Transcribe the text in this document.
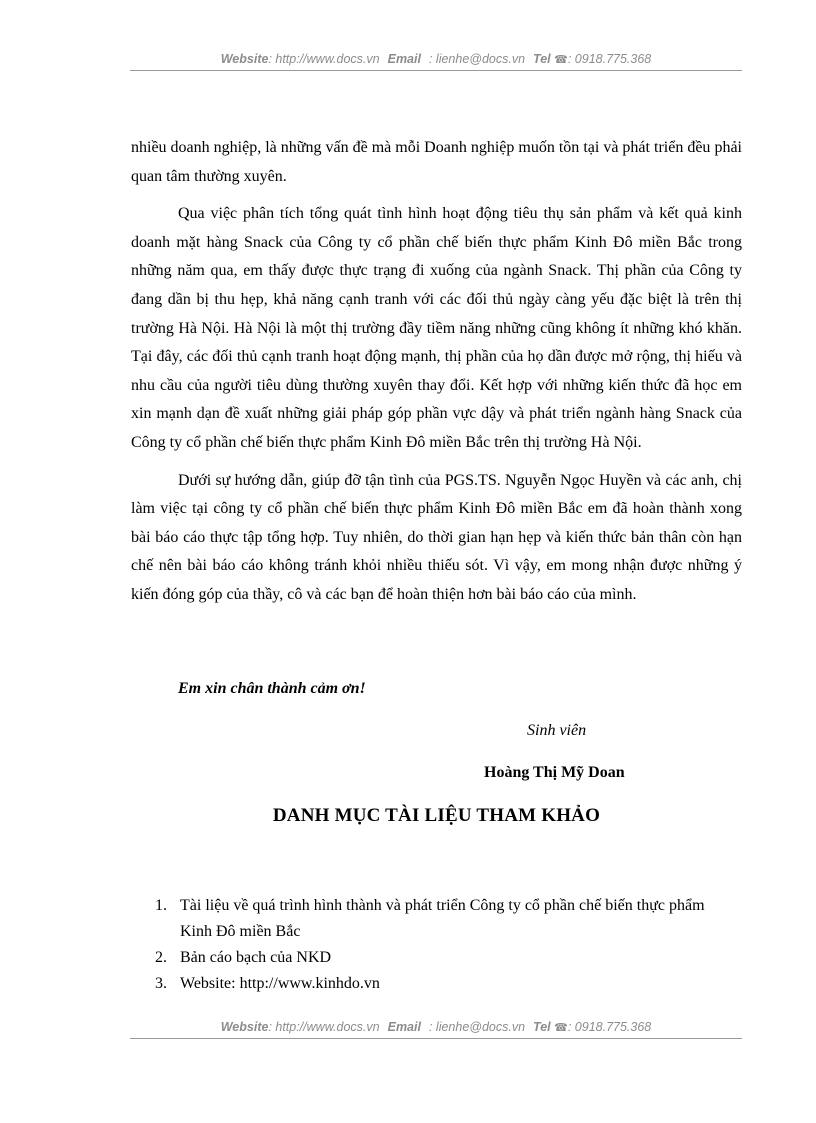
Website: http://www.docs.vn Email : lienhe@docs.vn Tel ☎: 0918.775.368

nhiều doanh nghiệp, là những vấn đề mà mỗi Doanh nghiệp muốn tồn tại và phát triển đều phải quan tâm thường xuyên.

Qua việc phân tích tổng quát tình hình hoạt động tiêu thụ sản phẩm và kết quả kinh doanh mặt hàng Snack của Công ty cổ phần chế biến thực phẩm Kinh Đô miền Bắc trong những năm qua, em thấy được thực trạng đi xuống của ngành Snack. Thị phần của Công ty đang dần bị thu hẹp, khả năng cạnh tranh với các đối thủ ngày càng yếu đặc biệt là trên thị trường Hà Nội. Hà Nội là một thị trường đầy tiềm năng những cũng không ít những khó khăn. Tại đây, các đối thủ cạnh tranh hoạt động mạnh, thị phần của họ dần được mở rộng, thị hiếu và nhu cầu của người tiêu dùng thường xuyên thay đổi. Kết hợp với những kiến thức đã học em xin mạnh dạn đề xuất những giải pháp góp phần vực dậy và phát triển ngành hàng Snack của Công ty cổ phần chế biến thực phẩm Kinh Đô miền Bắc trên thị trường Hà Nội.

Dưới sự hướng dẫn, giúp đỡ tận tình của PGS.TS. Nguyễn Ngọc Huyền và các anh, chị làm việc tại công ty cổ phần chế biến thực phẩm Kinh Đô miền Bắc em đã hoàn thành xong bài báo cáo thực tập tổng hợp. Tuy nhiên, do thời gian hạn hẹp và kiến thức bản thân còn hạn chế nên bài báo cáo không tránh khỏi nhiều thiếu sót. Vì vậy, em mong nhận được những ý kiến đóng góp của thầy, cô và các bạn để hoàn thiện hơn bài báo cáo của mình.

Em xin chân thành cảm ơn!
Sinh viên
Hoàng Thị Mỹ Doan
DANH MỤC TÀI LIỆU THAM KHẢO
1. Tài liệu về quá trình hình thành và phát triển Công ty cổ phần chế biến thực phẩm Kinh Đô miền Bắc
2. Bản cáo bạch của NKD
3. Website: http://www.kinhdo.vn
Website: http://www.docs.vn Email : lienhe@docs.vn Tel ☎: 0918.775.368
